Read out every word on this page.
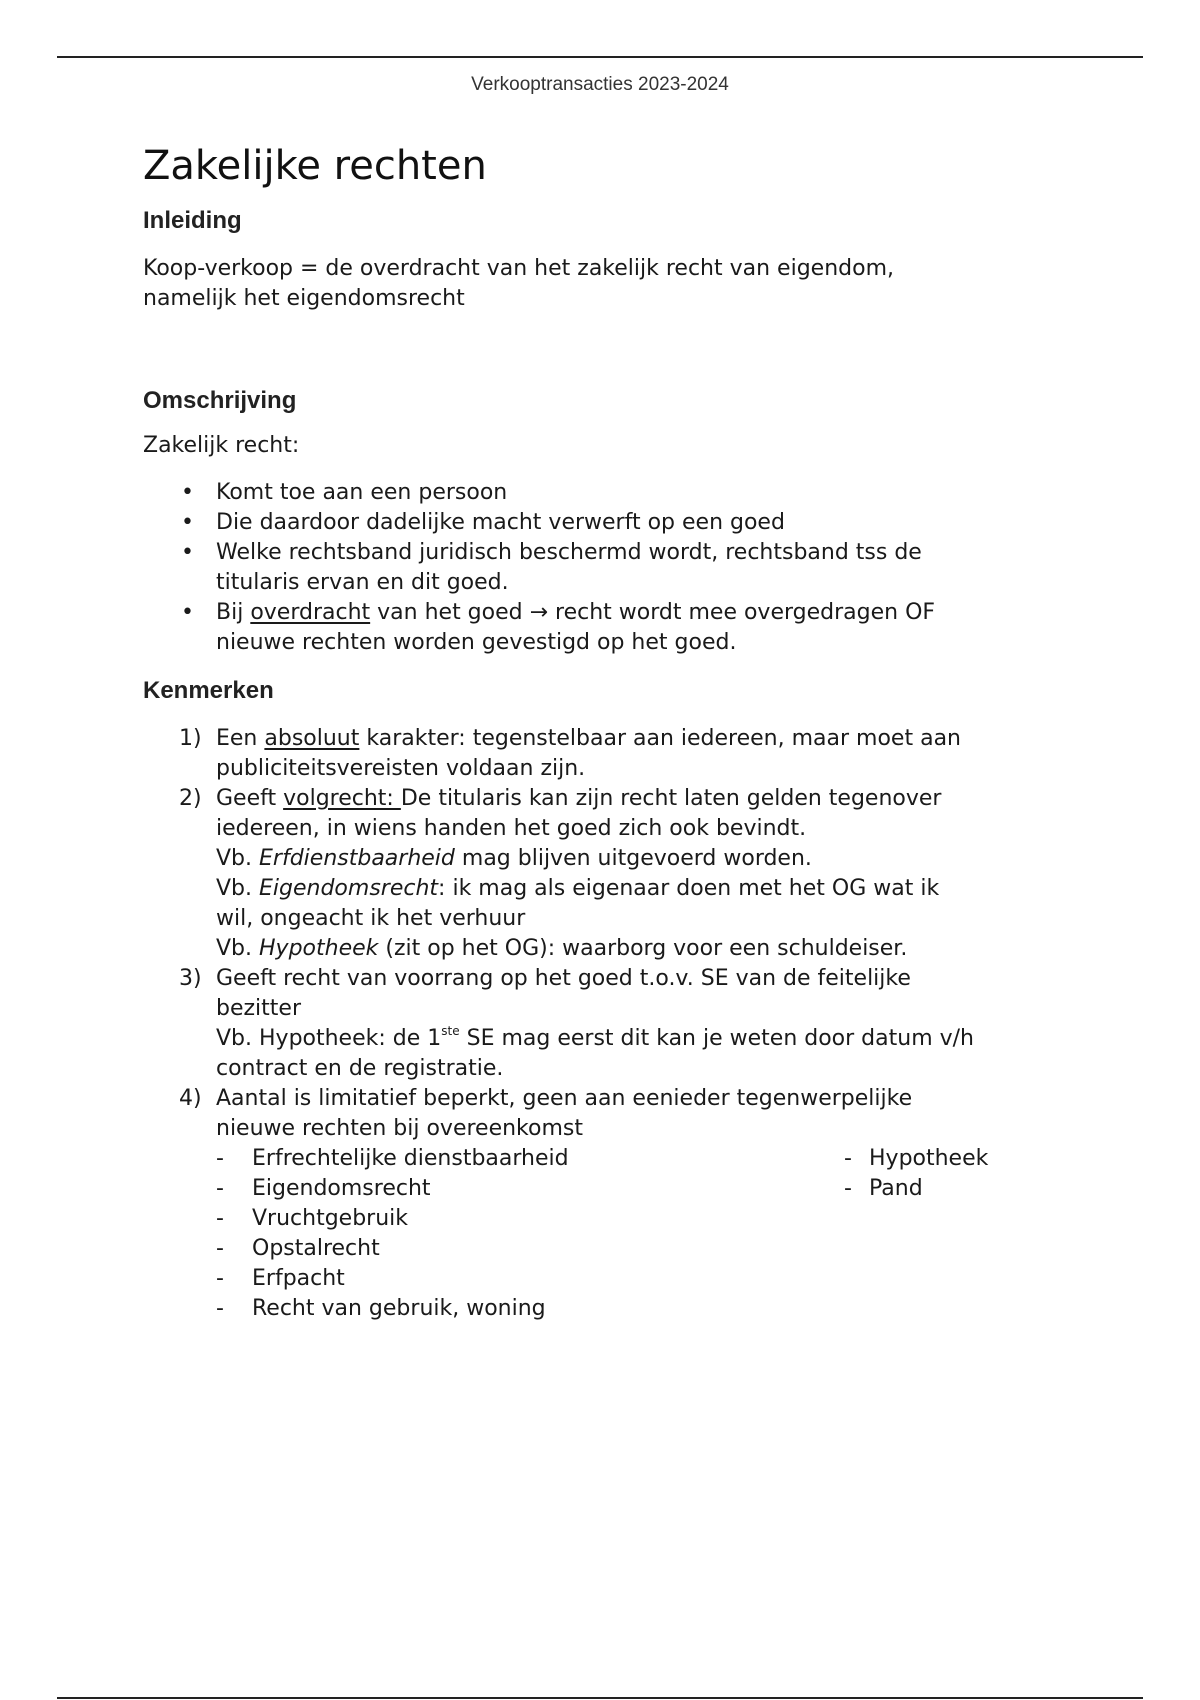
Verkooptransacties 2023-2024
Zakelijke rechten
Inleiding

Koop-verkoop = de overdracht van het zakelijk recht van eigendom,

namelijk het eigendomsrecht

Omschrijving

Zakelijk recht:

• Komt toe aan een persoon
• Die daardoor dadelijke macht verwerft op een goed
• Welke rechtsband juridisch beschermd wordt, rechtsband tss de
titularis ervan en dit goed.
• Bij overdracht van het goed → recht wordt mee overgedragen OF
nieuwe rechten worden gevestigd op het goed.
Kenmerken
1) Een absoluut karakter: tegenstelbaar aan iedereen, maar moet aan
publiciteitsvereisten voldaan zijn.
2) Geeft volgrecht: De titularis kan zijn recht laten gelden tegenover
iedereen, in wiens handen het goed zich ook bevindt.
Vb. Erfdienstbaarheid mag blijven uitgevoerd worden.
Vb. Eigendomsrecht: ik mag als eigenaar doen met het OG wat ik
wil, ongeacht ik het verhuur
Vb. Hypotheek (zit op het OG): waarborg voor een schuldeiser.
3) Geeft recht van voorrang op het goed t.o.v. SE van de feitelijke
bezitter
Vb. Hypotheek: de 1ste SE mag eerst dit kan je weten door datum v/h
contract en de registratie.
4) Aantal is limitatief beperkt, geen aan eenieder tegenwerpelijke
nieuwe rechten bij overeenkomst
- Erfrechtelijke dienstbaarheid
- Eigendomsrecht
- Vruchtgebruik
- Opstalrecht
- Erfpacht
- Recht van gebruik, woning
- Hypotheek
- Pand
